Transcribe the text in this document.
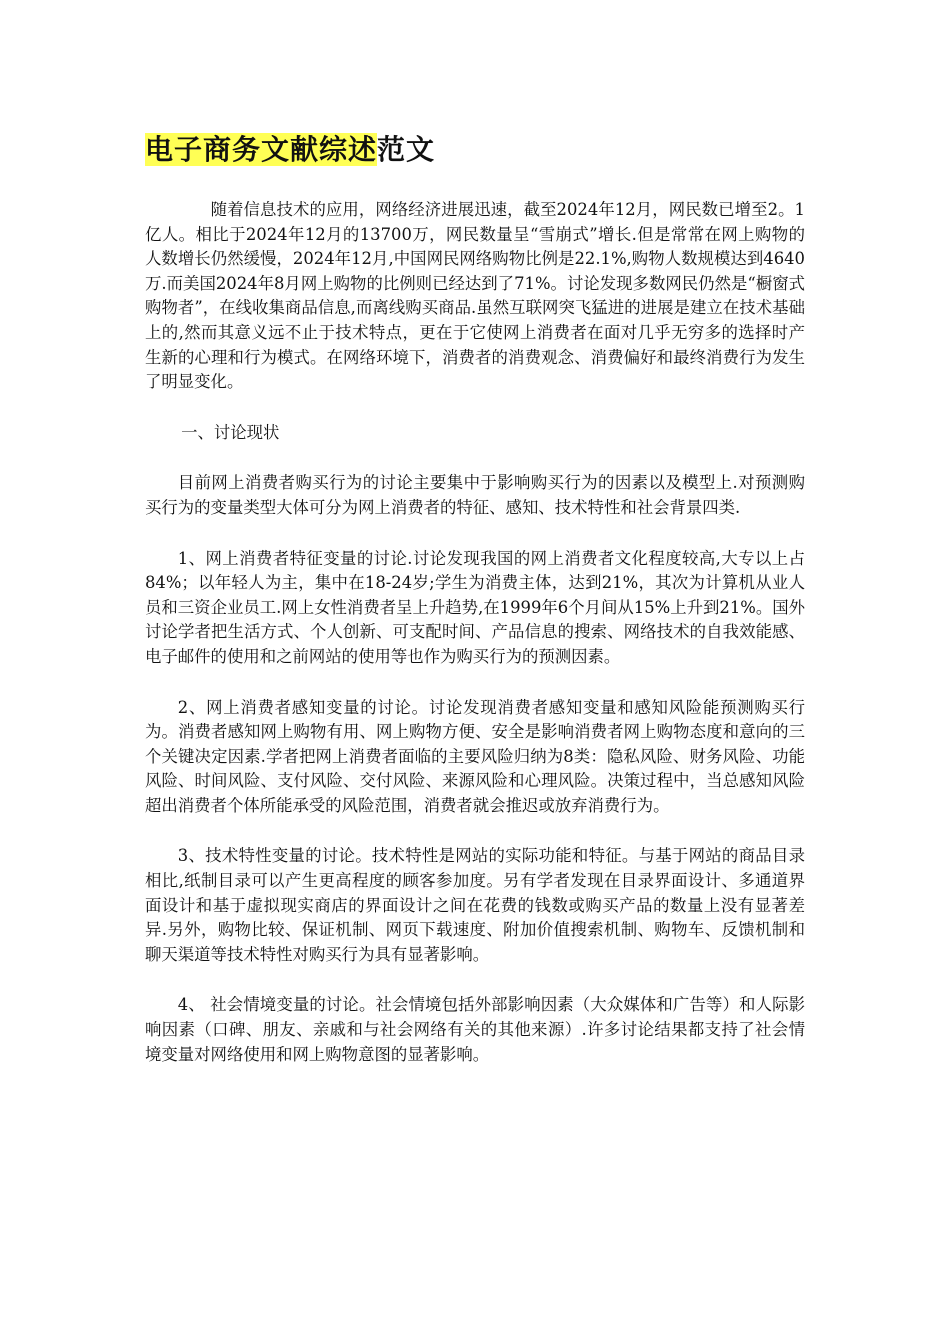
电子商务文献综述范文

随着信息技术的应用，网络经济进展迅速，截至2024年12月，网民数已增至2。1亿人。相比于2024年12月的13700万，网民数量呈“雪崩式”增长.但是常常在网上购物的人数增长仍然缓慢，2024年12月,中国网民网络购物比例是22.1%,购物人数规模达到4640万.而美国2024年8月网上购物的比例则已经达到了71%。讨论发现多数网民仍然是“橱窗式购物者”，在线收集商品信息,而离线购买商品.虽然互联网突飞猛进的进展是建立在技术基础上的,然而其意义远不止于技术特点，更在于它使网上消费者在面对几乎无穷多的选择时产生新的心理和行为模式。在网络环境下，消费者的消费观念、消费偏好和最终消费行为发生了明显变化。

一、讨论现状

目前网上消费者购买行为的讨论主要集中于影响购买行为的因素以及模型上.对预测购买行为的变量类型大体可分为网上消费者的特征、感知、技术特性和社会背景四类.

1、网上消费者特征变量的讨论.讨论发现我国的网上消费者文化程度较高,大专以上占84%；以年轻人为主，集中在18-24岁;学生为消费主体，达到21%，其次为计算机从业人员和三资企业员工.网上女性消费者呈上升趋势,在1999年6个月间从15%上升到21%。国外讨论学者把生活方式、个人创新、可支配时间、产品信息的搜索、网络技术的自我效能感、电子邮件的使用和之前网站的使用等也作为购买行为的预测因素。

2、网上消费者感知变量的讨论。讨论发现消费者感知变量和感知风险能预测购买行为。消费者感知网上购物有用、网上购物方便、安全是影响消费者网上购物态度和意向的三个关键决定因素.学者把网上消费者面临的主要风险归纳为8类：隐私风险、财务风险、功能风险、时间风险、支付风险、交付风险、来源风险和心理风险。决策过程中，当总感知风险超出消费者个体所能承受的风险范围，消费者就会推迟或放弃消费行为。

3、技术特性变量的讨论。技术特性是网站的实际功能和特征。与基于网站的商品目录相比,纸制目录可以产生更高程度的顾客参加度。另有学者发现在目录界面设计、多通道界面设计和基于虚拟现实商店的界面设计之间在花费的钱数或购买产品的数量上没有显著差异.另外，购物比较、保证机制、网页下载速度、附加价值搜索机制、购物车、反馈机制和聊天渠道等技术特性对购买行为具有显著影响。

4、 社会情境变量的讨论。社会情境包括外部影响因素（大众媒体和广告等）和人际影响因素（口碑、朋友、亲戚和与社会网络有关的其他来源）.许多讨论结果都支持了社会情境变量对网络使用和网上购物意图的显著影响。
